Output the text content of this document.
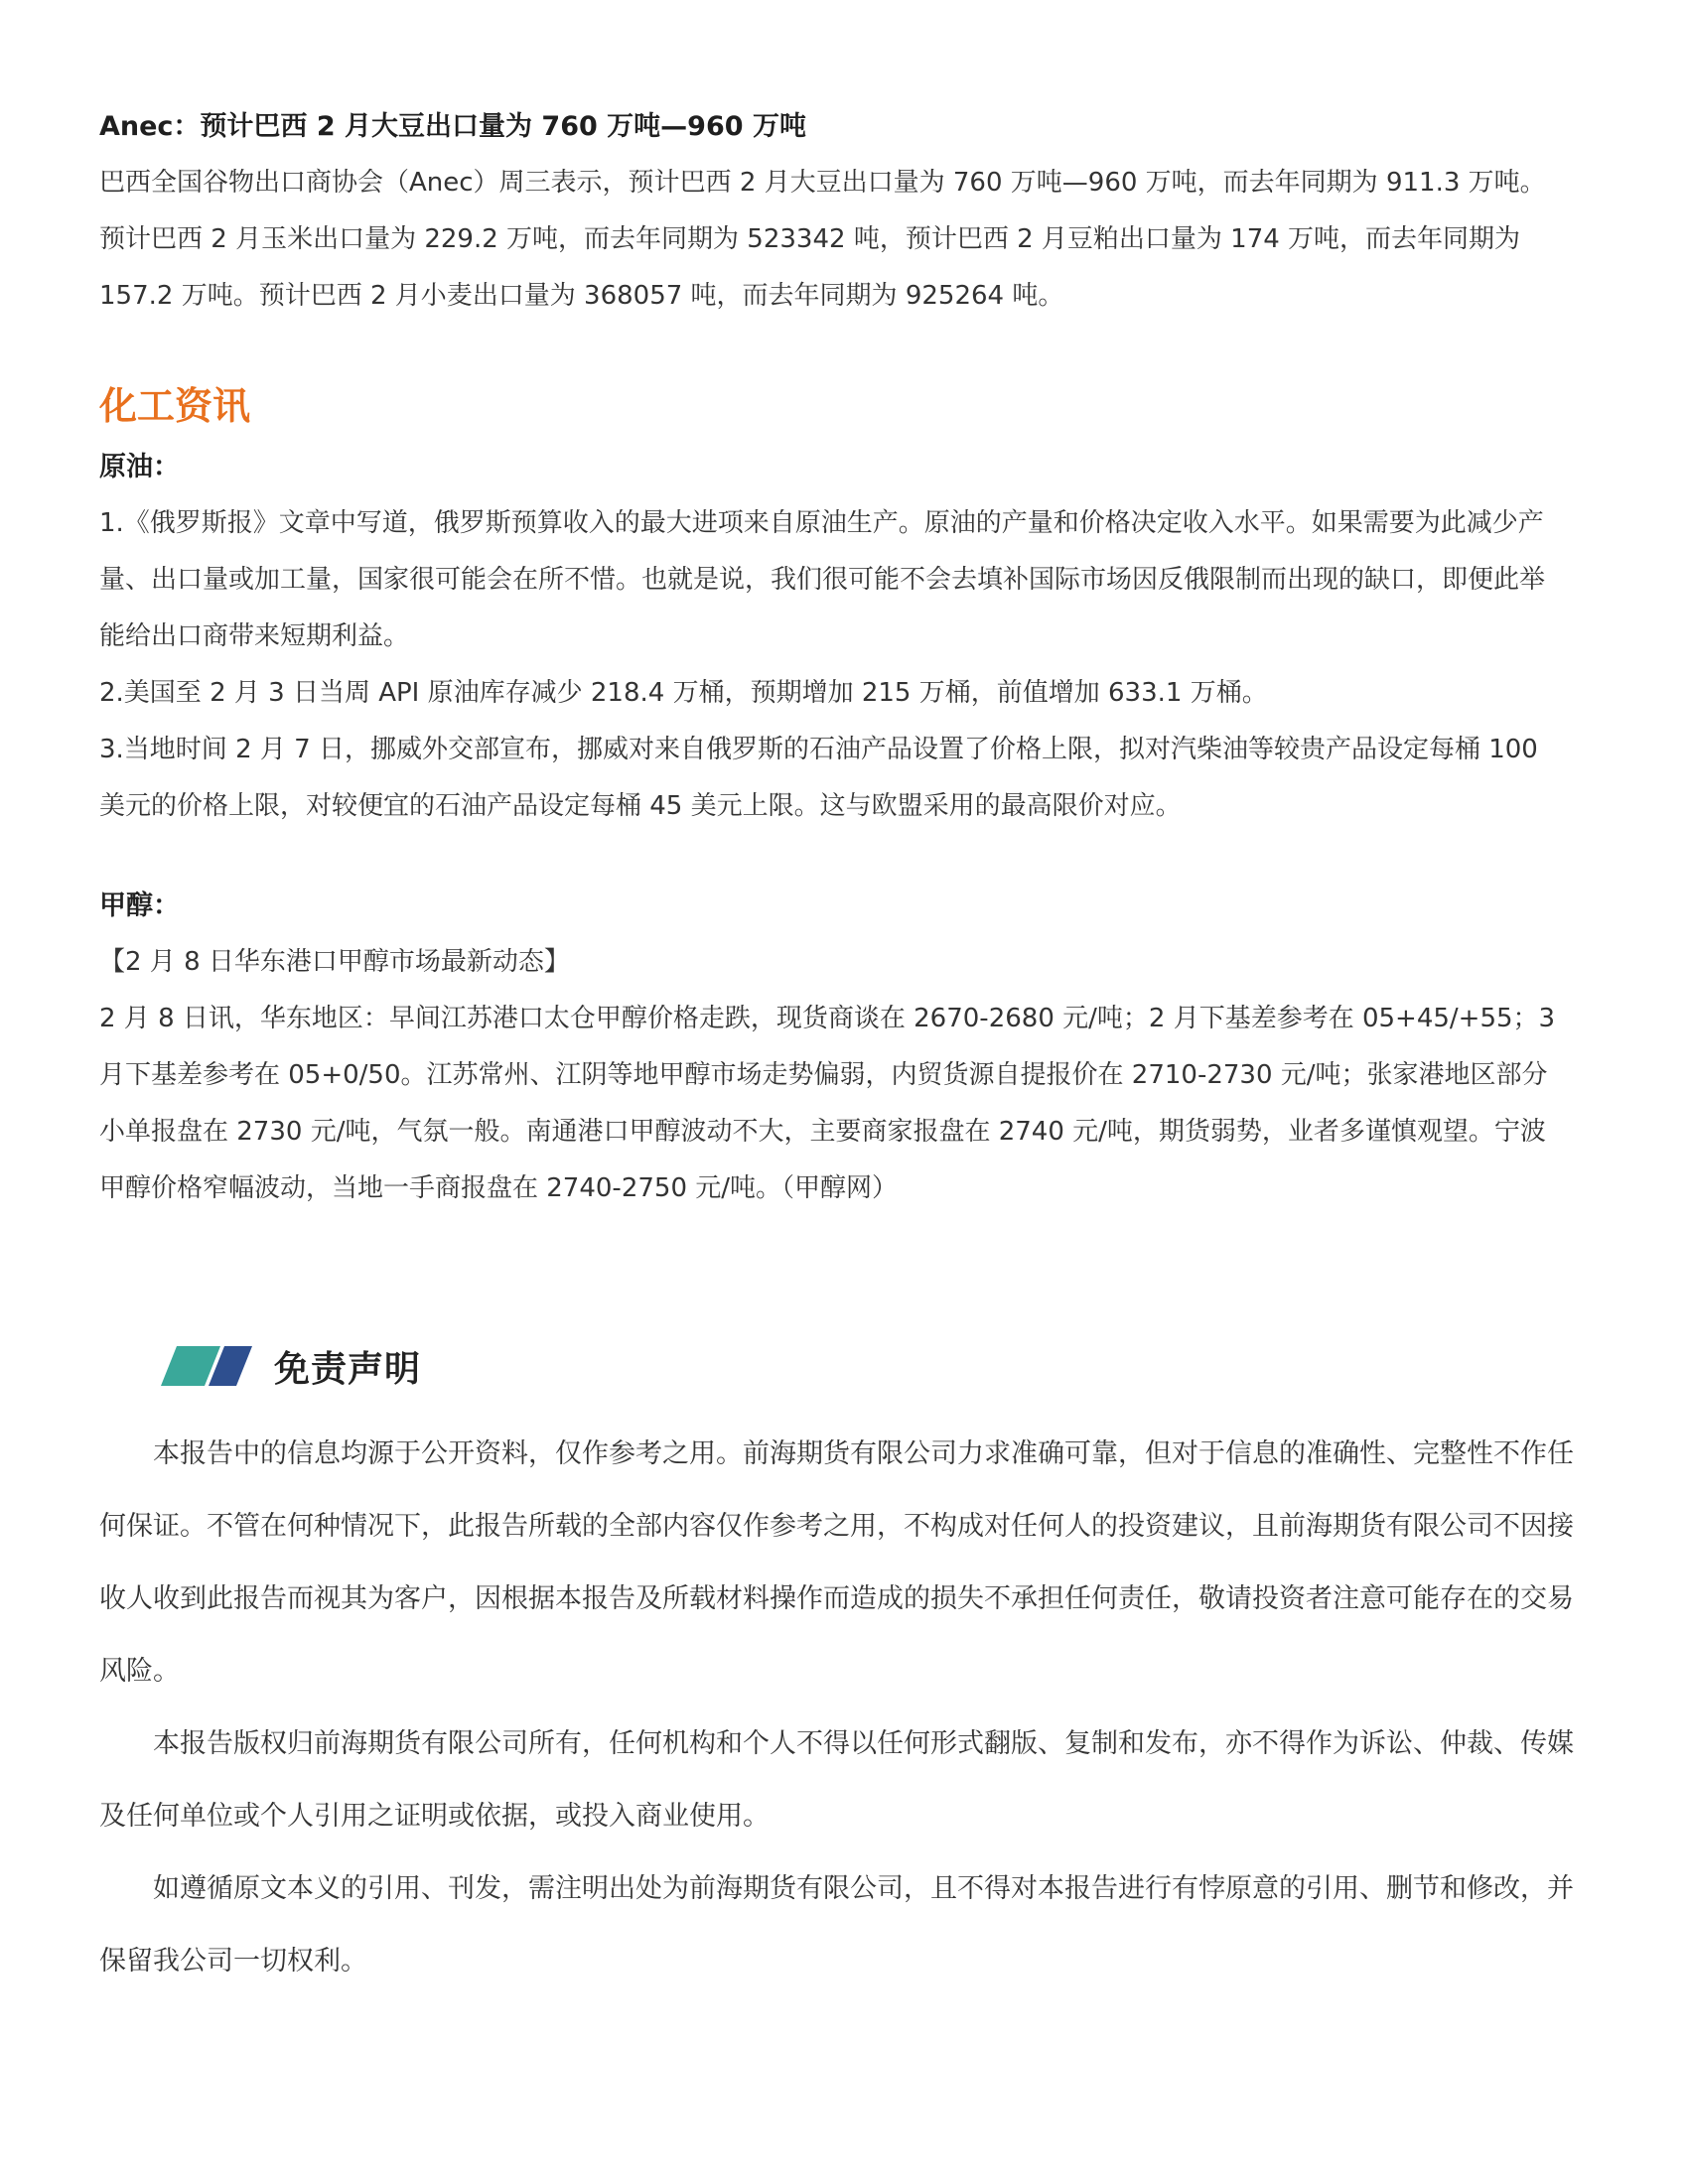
Anec：预计巴西 2 月大豆出口量为 760 万吨—960 万吨

巴西全国谷物出口商协会（Anec）周三表示，预计巴西 2 月大豆出口量为 760 万吨—960 万吨，而去年同期为 911.3 万吨。预计巴西 2 月玉米出口量为 229.2 万吨，而去年同期为 523342 吨，预计巴西 2 月豆粕出口量为 174 万吨，而去年同期为 157.2 万吨。预计巴西 2 月小麦出口量为 368057 吨，而去年同期为 925264 吨。

化工资讯
原油：

1.《俄罗斯报》文章中写道，俄罗斯预算收入的最大进项来自原油生产。原油的产量和价格决定收入水平。如果需要为此减少产量、出口量或加工量，国家很可能会在所不惜。也就是说，我们很可能不会去填补国际市场因反俄限制而出现的缺口，即便此举能给出口商带来短期利益。

2.美国至 2 月 3 日当周 API 原油库存减少 218.4 万桶，预期增加 215 万桶，前值增加 633.1 万桶。

3.当地时间 2 月 7 日，挪威外交部宣布，挪威对来自俄罗斯的石油产品设置了价格上限，拟对汽柴油等较贵产品设定每桶 100 美元的价格上限，对较便宜的石油产品设定每桶 45 美元上限。这与欧盟采用的最高限价对应。

甲醇：

【2 月 8 日华东港口甲醇市场最新动态】

2 月 8 日讯，华东地区：早间江苏港口太仓甲醇价格走跌，现货商谈在 2670-2680 元/吨；2 月下基差参考在 05+45/+55；3 月下基差参考在 05+0/50。江苏常州、江阴等地甲醇市场走势偏弱，内贸货源自提报价在 2710-2730 元/吨；张家港地区部分小单报盘在 2730 元/吨，气氛一般。南通港口甲醇波动不大，主要商家报盘在 2740 元/吨，期货弱势，业者多谨慎观望。宁波甲醇价格窄幅波动，当地一手商报盘在 2740-2750 元/吨。（甲醇网）

免责声明

本报告中的信息均源于公开资料，仅作参考之用。前海期货有限公司力求准确可靠，但对于信息的准确性、完整性不作任何保证。不管在何种情况下，此报告所载的全部内容仅作参考之用，不构成对任何人的投资建议，且前海期货有限公司不因接收人收到此报告而视其为客户，因根据本报告及所载材料操作而造成的损失不承担任何责任，敬请投资者注意可能存在的交易风险。

本报告版权归前海期货有限公司所有，任何机构和个人不得以任何形式翻版、复制和发布，亦不得作为诉讼、仲裁、传媒及任何单位或个人引用之证明或依据，或投入商业使用。

如遵循原文本义的引用、刊发，需注明出处为前海期货有限公司，且不得对本报告进行有悖原意的引用、删节和修改，并保留我公司一切权利。
